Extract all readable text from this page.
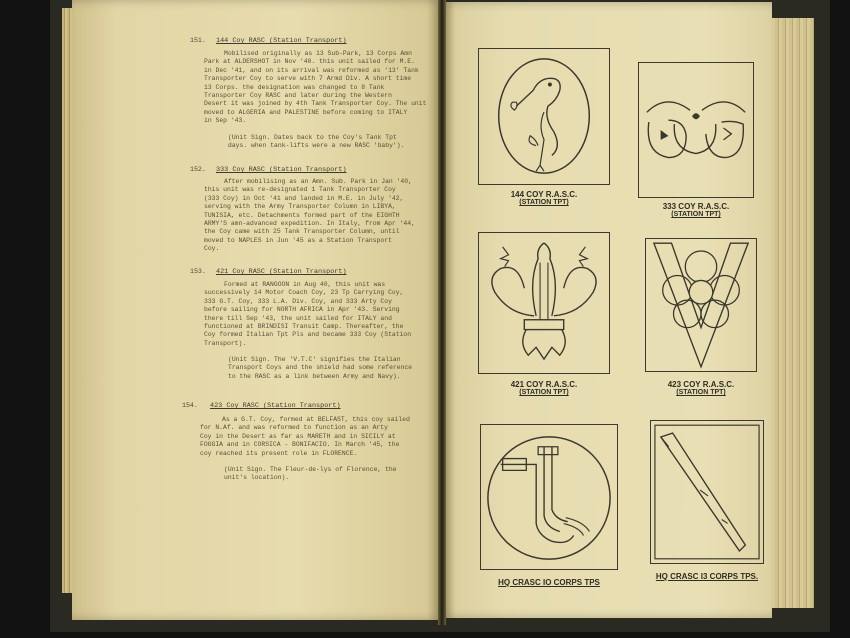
151. 144 Coy RASC (Station Transport)
Mobilised originally as 13 Sub-Park, 13 Corps Amn
Park at ALDERSHOT in Nov '40. this unit sailed for M.E.
in Dec '41, and on its arrival was reformed as '13' Tank
Transporter Coy to serve with 7 Armd Div. A short time
13 Corps. the designation was changed to 8 Tank
Transporter Coy RASC and later during the Western
Desert it was joined by 4th Tank Transporter Coy. The unit
moved to ALGERIA and PALESTINE before coming to ITALY
in Sep '43.
(Unit Sign. Dates back to the Coy's Tank Tpt
days. when tank-lifts were a new RASC 'baby').
152. 333 Coy RASC (Station Transport)
After mobilising as an Amn. Sub. Park in Jan '40,
this unit was re-designated 1 Tank Transporter Coy
(333 Coy) in Oct '41 and landed in M.E. in July '42,
serving with the Army Transporter Column in LIBYA,
TUNISIA, etc. Detachments formed part of the EIGHTH
ARMY'S amn-advanced expedition. In Italy, from Apr '44,
the Coy came with 25 Tank Transporter Column, until
moved to NAPLES in Jun '45 as a Station Transport
Coy.
153. 421 Coy RASC (Station Transport)
Formed at RANGOON in Aug 40, this unit was
successively 14 Motor Coach Coy, 23 Tp Carrying Coy,
333 G.T. Coy, 333 L.A. Div. Coy, and 333 Arty Coy
before sailing for NORTH AFRICA in Apr '43. Serving
there till Sep '43, the unit sailed for ITALY and
functioned at BRINDISI Transit Camp. Thereafter, the
Coy formed Italian Tpt Pls and became 333 Coy (Station
Transport).
(Unit Sign. The 'V.T.C' signifies the Italian
Transport Coys and the shield had some reference
to the RASC as a link between Army and Navy).
154. 423 Coy RASC (Station Transport)
As a G.T. Coy, formed at BELFAST, this coy sailed
for N.Af. and was reformed to function as an Arty
Coy in the Desert as far as MARETH and in SICILY at
FOGGIA and in CORSICA - BONIFACIO. In March '45, the
coy reached its present role in FLORENCE.
(Unit Sign. The Fleur-de-lys of Florence, the
unit's location).
144 COY R.A.S.C.
(STATION TPT)	333 COY R.A.S.C.
(STATION TPT)
421 COY R.A.S.C.
(STATION TPT)
423 COY R.A.S.C.
(STATION TPT)
HQ CRASC IO CORPS TPS
HQ CRASC I3 CORPS TPS.
